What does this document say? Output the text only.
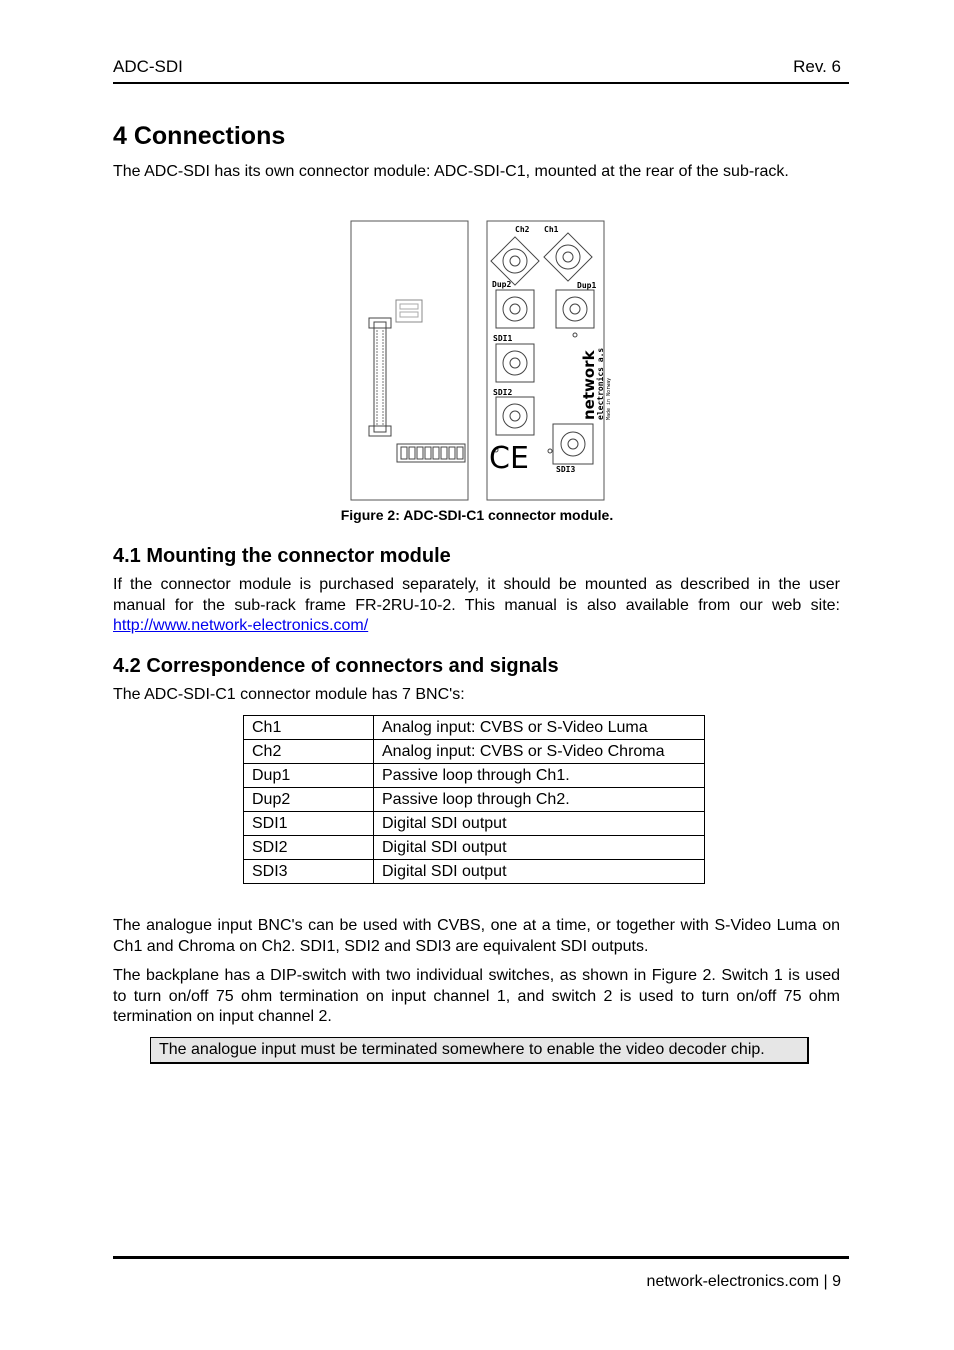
ADC-SDI	Rev. 6
4 Connections

The ADC-SDI has its own connector module: ADC-SDI-C1, mounted at the rear of the sub-rack.

Ch2 Ch1
Dup2	Dup1
SDI1
SDI2
SDI3
network
electronics a.s Made in Norway
CE
Figure 2: ADC-SDI-C1 connector module.
4.1 Mounting the connector module

If the connector module is purchased separately, it should be mounted as described in the user manual for the sub-rack frame FR-2RU-10-2. This manual is also available from our web site: http://www.network-electronics.com/

4.2 Correspondence of connectors and signals

The ADC-SDI-C1 connector module has 7 BNC's:

Ch1	Analog input: CVBS or S-Video Luma
Ch2	Analog input: CVBS or S-Video Chroma
Dup1	Passive loop through Ch1.
Dup2	Passive loop through Ch2.
SDI1	Digital SDI output
SDI2	Digital SDI output
SDI3	Digital SDI output

The analogue input BNC's can be used with CVBS, one at a time, or together with S-Video Luma on Ch1 and Chroma on Ch2. SDI1, SDI2 and SDI3 are equivalent SDI outputs.

The backplane has a DIP-switch with two individual switches, as shown in Figure 2. Switch 1 is used to turn on/off 75 ohm termination on input channel 1, and switch 2 is used to turn on/off 75 ohm termination on input channel 2.

The analogue input must be terminated somewhere to enable the video decoder chip.
network-electronics.com | 9
